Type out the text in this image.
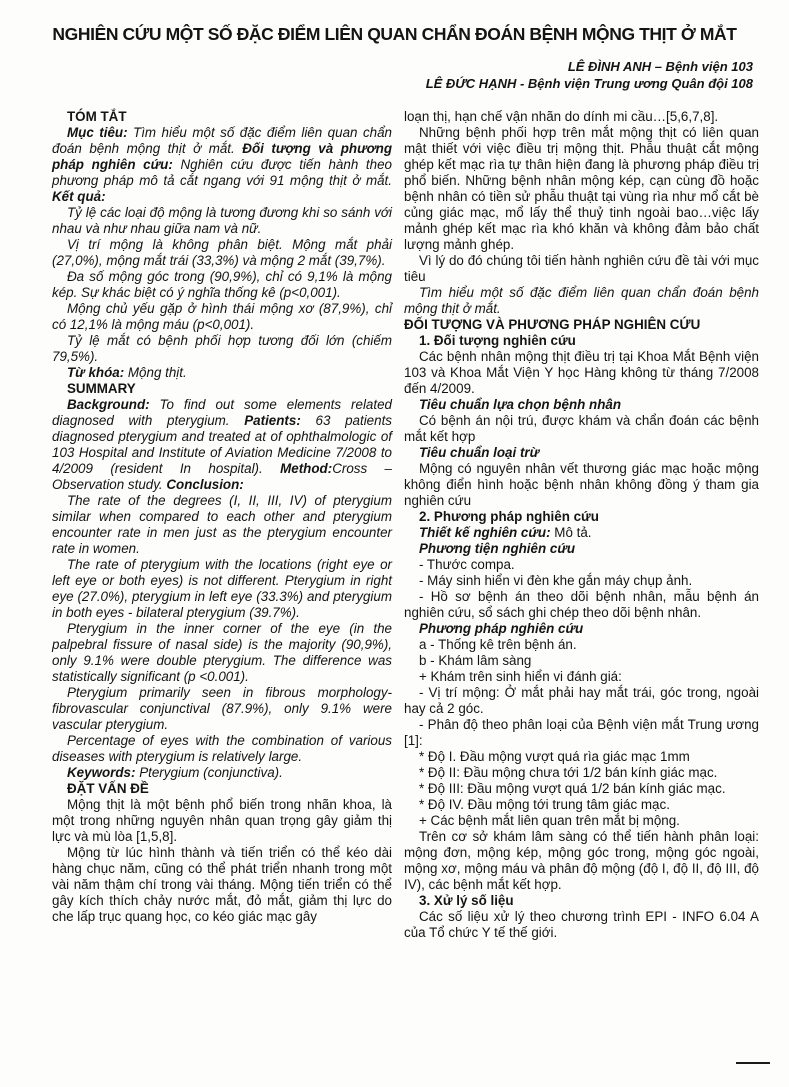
NGHIÊN CỨU MỘT SỐ ĐẶC ĐIỂM LIÊN QUAN CHẨN ĐOÁN BỆNH MỘNG THỊT Ở MẮT
LÊ ĐÌNH ANH – Bệnh viện 103
LÊ ĐỨC HẠNH - Bệnh viện Trung ương Quân đội 108
TÓM TẮT
Mục tiêu: Tìm hiểu một số đặc điểm liên quan chẩn đoán bệnh mộng thịt ở mắt. Đối tượng và phương pháp nghiên cứu: Nghiên cứu được tiến hành theo phương pháp mô tả cắt ngang với 91 mộng thịt ở mắt. Kết quả:
Tỷ lệ các loại độ mộng là tương đương khi so sánh với nhau và như nhau giữa nam và nữ.
Vị trí mộng là không phân biệt. Mộng mắt phải (27,0%), mộng mắt trái (33,3%) và mộng 2 mắt (39,7%).
Đa số mộng góc trong (90,9%), chỉ có 9,1% là mộng kép. Sự khác biệt có ý nghĩa thống kê (p<0,001).
Mộng chủ yếu gặp ở hình thái mộng xơ (87,9%), chỉ có 12,1% là mộng máu (p<0,001).
Tỷ lệ mắt có bệnh phối hợp tương đối lớn (chiếm 79,5%).
Từ khóa: Mộng thịt.
SUMMARY
Background: To find out some elements related diagnosed with pterygium. Patients: 63 patients diagnosed pterygium and treated at of ophthalmologic of 103 Hospital and Institute of Aviation Medicine 7/2008 to 4/2009 (resident In hospital). Method:Cross – Observation study. Conclusion:
The rate of the degrees (I, II, III, IV) of pterygium similar when compared to each other and pterygium encounter rate in men just as the pterygium encounter rate in women.
The rate of pterygium with the locations (right eye or left eye or both eyes) is not different. Pterygium in right eye (27.0%), pterygium in left eye (33.3%) and pterygium in both eyes - bilateral pterygium (39.7%).
Pterygium in the inner corner of the eye (in the palpebral fissure of nasal side) is the majority (90,9%), only 9.1% were double pterygium. The difference was statistically significant (p <0.001).
Pterygium primarily seen in fibrous morphology-fibrovascular conjunctival (87.9%), only 9.1% were vascular pterygium.
Percentage of eyes with the combination of various diseases with pterygium is relatively large.
Keywords: Pterygium (conjunctiva).
ĐẶT VẤN ĐỀ
Mộng thịt là một bệnh phổ biến trong nhãn khoa, là một trong những nguyên nhân quan trọng gây giảm thị lực và mù lòa [1,5,8].
Mộng từ lúc hình thành và tiến triển có thể kéo dài hàng chục năm, cũng có thể phát triển nhanh trong một vài năm thậm chí trong vài tháng. Mộng tiến triển có thể gây kích thích chảy nước mắt, đỏ mắt, giảm thị lực do che lấp trục quang học, co kéo giác mạc gây
loạn thị, hạn chế vận nhãn do dính mi cầu…[5,6,7,8].
Những bệnh phối hợp trên mắt mộng thịt có liên quan mật thiết với việc điều trị mộng thịt. Phẫu thuật cắt mộng ghép kết mạc rìa tự thân hiện đang là phương pháp điều trị phổ biến. Những bệnh nhân mộng kép, cạn cùng đồ hoặc bệnh nhân có tiền sử phẫu thuật tại vùng rìa như mổ cắt bè củng giác mạc, mổ lấy thể thuỷ tinh ngoài bao…việc lấy mảnh ghép kết mạc rìa khó khăn và không đảm bảo chất lượng mảnh ghép.
Vì lý do đó chúng tôi tiến hành nghiên cứu đề tài với mục tiêu
Tìm hiểu một số đặc điểm liên quan chẩn đoán bệnh mộng thịt ở mắt.
ĐỐI TƯỢNG VÀ PHƯƠNG PHÁP NGHIÊN CỨU
1. Đối tượng nghiên cứu
Các bệnh nhân mộng thịt điều trị tại Khoa Mắt Bệnh viện 103 và Khoa Mắt Viện Y học Hàng không từ tháng 7/2008 đến 4/2009.
Tiêu chuẩn lựa chọn bệnh nhân
Có bệnh án nội trú, được khám và chẩn đoán các bệnh mắt kết hợp
Tiêu chuẩn loại trừ
Mộng có nguyên nhân vết thương giác mạc hoặc mộng không điển hình hoặc bệnh nhân không đồng ý tham gia nghiên cứu
2. Phương pháp nghiên cứu
Thiết kế nghiên cứu: Mô tả.
Phương tiện nghiên cứu
- Thước compa.
- Máy sinh hiển vi đèn khe gắn máy chụp ảnh.
- Hồ sơ bệnh án theo dõi bệnh nhân, mẫu bệnh án nghiên cứu, sổ sách ghi chép theo dõi bệnh nhân.
Phương pháp nghiên cứu
a - Thống kê trên bệnh án.
b - Khám lâm sàng
+ Khám trên sinh hiển vi đánh giá:
- Vị trí mộng: Ở mắt phải hay mắt trái, góc trong, ngoài hay cả 2 góc.
- Phân độ theo phân loại của Bệnh viện mắt Trung ương [1]:
* Độ I. Đầu mộng vượt quá rìa giác mạc 1mm
* Độ II: Đầu mộng chưa tới 1/2 bán kính giác mạc.
* Độ III: Đầu mộng vượt quá 1/2 bán kính giác mạc.
* Độ IV. Đầu mộng tới trung tâm giác mạc.
+ Các bệnh mắt liên quan trên mắt bị mộng.
Trên cơ sở khám lâm sàng có thể tiến hành phân loại: mộng đơn, mộng kép, mộng góc trong, mộng góc ngoài, mộng xơ, mộng máu và phân độ mộng (độ I, độ II, độ III, độ IV), các bệnh mắt kết hợp.
3. Xử lý số liệu
Các số liệu xử lý theo chương trình EPI - INFO 6.04 A của Tổ chức Y tế thế giới.
